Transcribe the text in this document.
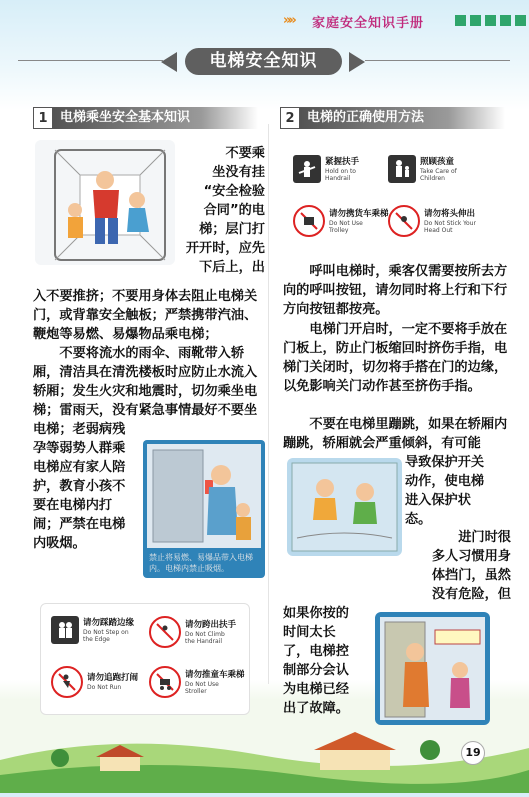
»» 家庭安全知识手册
电梯安全知识
1 电梯乘坐安全基本知识	2 电梯的正确使用方法

不要乘

坐没有挂

“安全检验

合同”的电

梯；层门打

开开时，应先

下后上，出

入不要推挤；不要用身体去阻止电梯关门，或背靠安全触板；严禁携带汽油、鞭炮等易燃、易爆物品乘电梯；
不要将流水的雨伞、雨靴带入轿厢，清洁具在清洗楼板时应防止水流入轿厢；发生火灾和地震时，切勿乘坐电梯；雷雨天，没有紧急事情最好不要坐

电梯；老弱病残

孕等弱势人群乘

电梯应有家人陪

护，教育小孩不

要在电梯内打

闹；严禁在电梯

内吸烟。

禁止将易燃、易爆品带入电梯内。电梯内禁止吸烟。
请勿踩踏边缘
Do Not Step on the Edge
请勿跨出扶手
Do Not Climb the Handrail
请勿追跑打闹
Do Not Run
请勿推童车乘梯
Do Not Use Stroller
紧握扶手
Hold on to Handrail
照顾孩童
Take Care of Children
请勿携货车乘梯
Do Not Use Trolley
请勿将头伸出
Do Not Stick Your Head Out
呼叫电梯时，乘客仅需要按所去方向的呼叫按钮，请勿同时将上行和下行方向按钮都按亮。
电梯门开启时，一定不要将手放在门板上，防止门板缩回时挤伤手指，电梯门关闭时，切勿将手搭在门的边缘，以免影响关门动作甚至挤伤手指。
不要在电梯里蹦跳，如果在轿厢内蹦跳，轿厢就会严重倾斜，有可能

导致保护开关

动作，使电梯

进入保护状

态。

进门时很

多人习惯用身

体挡门，虽然

没有危险，但

如果你按的

时间太长

了，电梯控

制部分会认

为电梯已经

出了故障。

19
